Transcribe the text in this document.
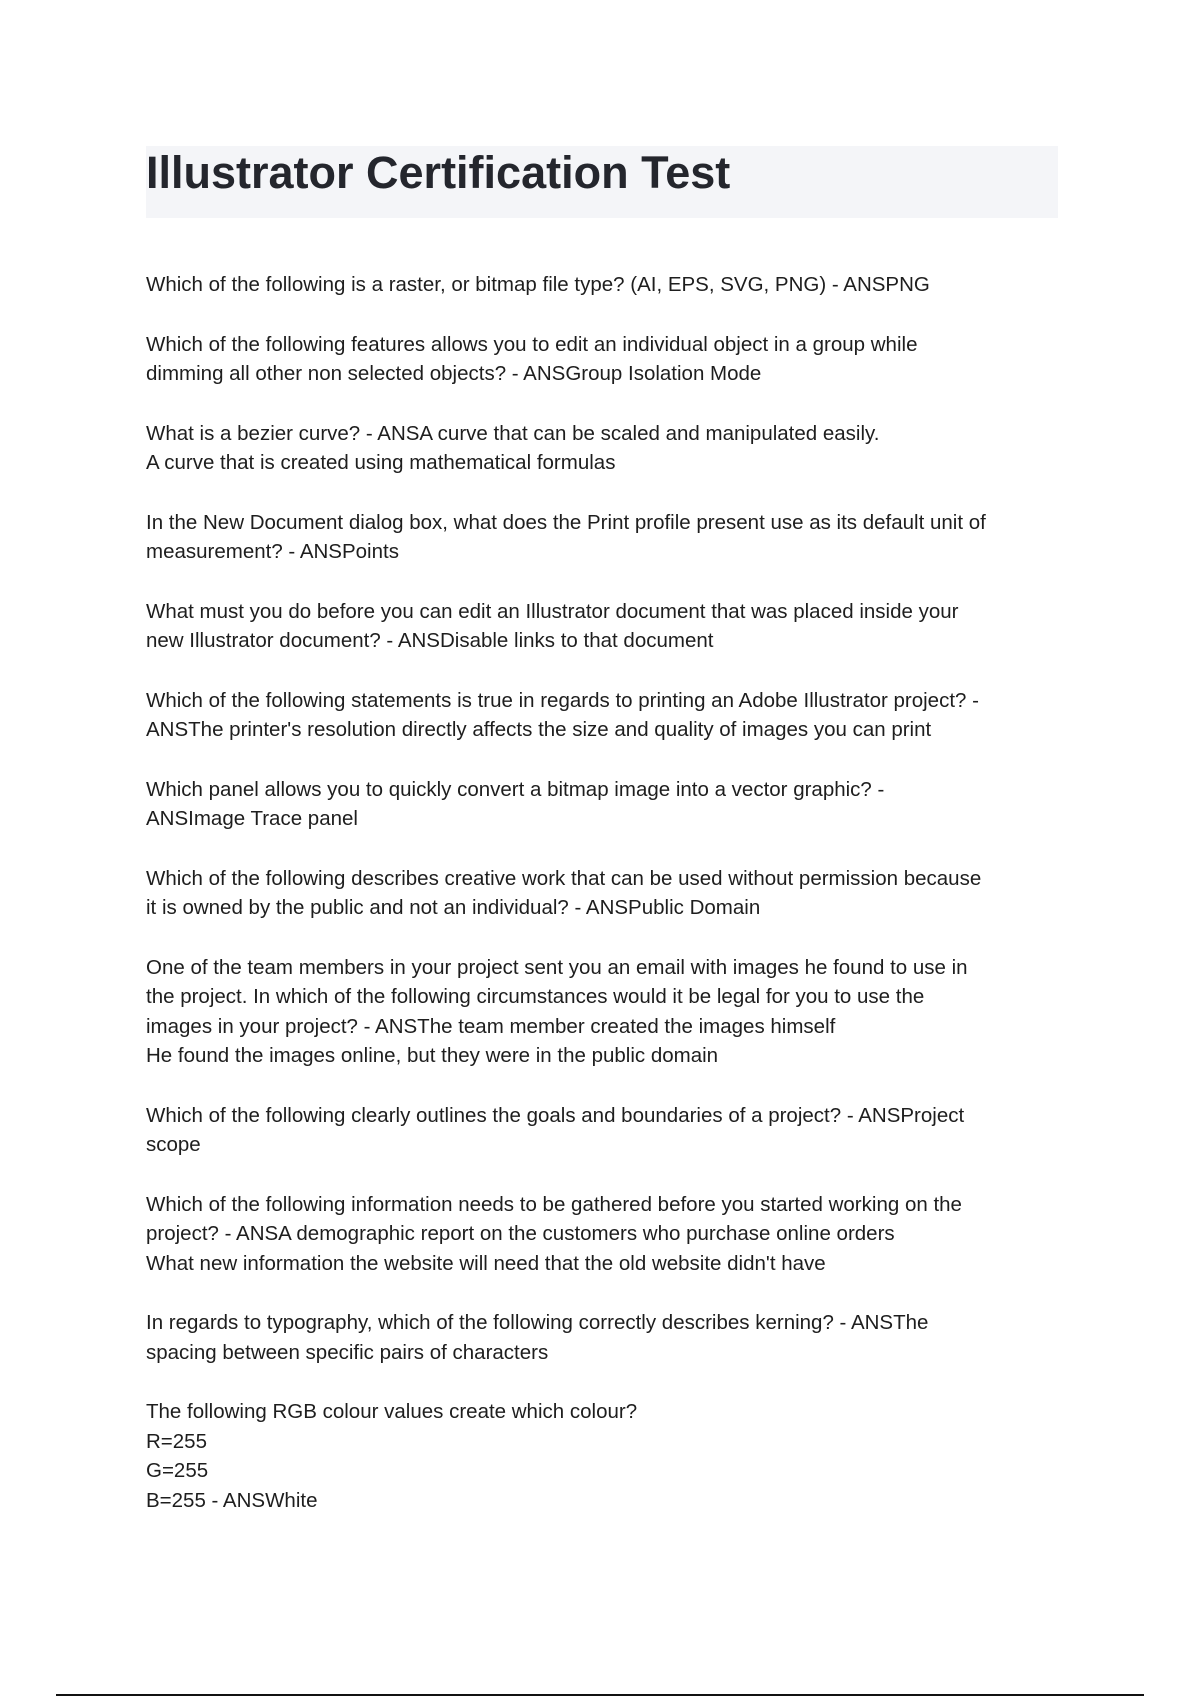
Illustrator Certification Test
Which of the following is a raster, or bitmap file type? (AI, EPS, SVG, PNG) - ANSPNG
Which of the following features allows you to edit an individual object in a group while
dimming all other non selected objects? - ANSGroup Isolation Mode
What is a bezier curve? - ANSA curve that can be scaled and manipulated easily.
A curve that is created using mathematical formulas
In the New Document dialog box, what does the Print profile present use as its default unit of
measurement? - ANSPoints
What must you do before you can edit an Illustrator document that was placed inside your
new Illustrator document? - ANSDisable links to that document
Which of the following statements is true in regards to printing an Adobe Illustrator project? -
ANSThe printer's resolution directly affects the size and quality of images you can print
Which panel allows you to quickly convert a bitmap image into a vector graphic? -
ANSImage Trace panel
Which of the following describes creative work that can be used without permission because
it is owned by the public and not an individual? - ANSPublic Domain
One of the team members in your project sent you an email with images he found to use in
the project. In which of the following circumstances would it be legal for you to use the
images in your project? - ANSThe team member created the images himself
He found the images online, but they were in the public domain
Which of the following clearly outlines the goals and boundaries of a project? - ANSProject
scope
Which of the following information needs to be gathered before you started working on the
project? - ANSA demographic report on the customers who purchase online orders
What new information the website will need that the old website didn't have
In regards to typography, which of the following correctly describes kerning? - ANSThe
spacing between specific pairs of characters
The following RGB colour values create which colour?
R=255
G=255
B=255 - ANSWhite
